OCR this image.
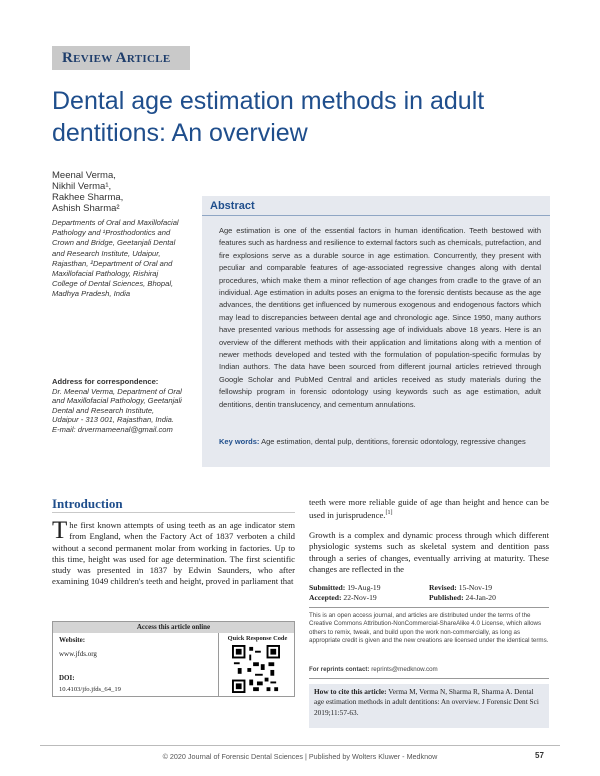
Review Article
Dental age estimation methods in adult dentitions: An overview
Meenal Verma,
Nikhil Verma¹,
Rakhee Sharma,
Ashish Sharma²
Departments of Oral and Maxillofacial Pathology and ¹Prosthodontics and Crown and Bridge, Geetanjali Dental and Research Institute, Udaipur, Rajasthan, ²Department of Oral and Maxillofacial Pathology, Rishiraj College of Dental Sciences, Bhopal, Madhya Pradesh, India
Address for correspondence:
Dr. Meenal Verma, Department of Oral and Maxillofacial Pathology, Geetanjali Dental and Research Institute, Udaipur - 313 001, Rajasthan, India.
E-mail: drvermameenal@gmail.com
Abstract
Age estimation is one of the essential factors in human identification. Teeth bestowed with features such as hardness and resilience to external factors such as chemicals, putrefaction, and fire explosions serve as a durable source in age estimation. Concurrently, they present with peculiar and comparable features of age-associated regressive changes along with dental procedures, which make them a minor reflection of age changes from cradle to the grave of an individual. Age estimation in adults poses an enigma to the forensic dentists because as the age advances, the dentitions get influenced by numerous exogenous and endogenous factors which may lead to discrepancies between dental age and chronologic age. Since 1950, many authors have presented various methods for assessing age of individuals above 18 years. Here is an overview of the different methods with their application and limitations along with a mention of newer methods developed and tested with the formulation of population-specific formulas by Indian authors. The data have been sourced from different journal articles retrieved through Google Scholar and PubMed Central and articles received as study materials during the fellowship program in forensic odontology using keywords such as age estimation, adult dentitions, dentin translucency, and cementum annulations.
Key words: Age estimation, dental pulp, dentitions, forensic odontology, regressive changes
Introduction
The first known attempts of using teeth as an age indicator stem from England, when the Factory Act of 1837 verboten a child without a second permanent molar from working in factories. Up to this time, height was used for age determination. The first scientific study was presented in 1837 by Edwin Saunders, who after examining 1049 children's teeth and height, proved in parliament that
teeth were more reliable guide of age than height and hence can be used in jurisprudence.[1]
Growth is a complex and dynamic process through which different physiologic systems such as skeletal system and dentition pass through a series of changes, eventually arriving at maturity. These changes are reflected in the
Access this article online
Website:
www.jfds.org
DOI:
10.4103/jfo.jfds_64_19
Quick Response Code
Submitted: 19-Aug-19	Revised: 15-Nov-19
Accepted: 22-Nov-19	Published: 24-Jan-20
This is an open access journal, and articles are distributed under the terms of the Creative Commons Attribution-NonCommercial-ShareAlike 4.0 License, which allows others to remix, tweak, and build upon the work non-commercially, as long as appropriate credit is given and the new creations are licensed under the identical terms.
For reprints contact: reprints@medknow.com
How to cite this article: Verma M, Verma N, Sharma R, Sharma A. Dental age estimation methods in adult dentitions: An overview. J Forensic Dent Sci 2019;11:57-63.
© 2020 Journal of Forensic Dental Sciences | Published by Wolters Kluwer - Medknow	57
